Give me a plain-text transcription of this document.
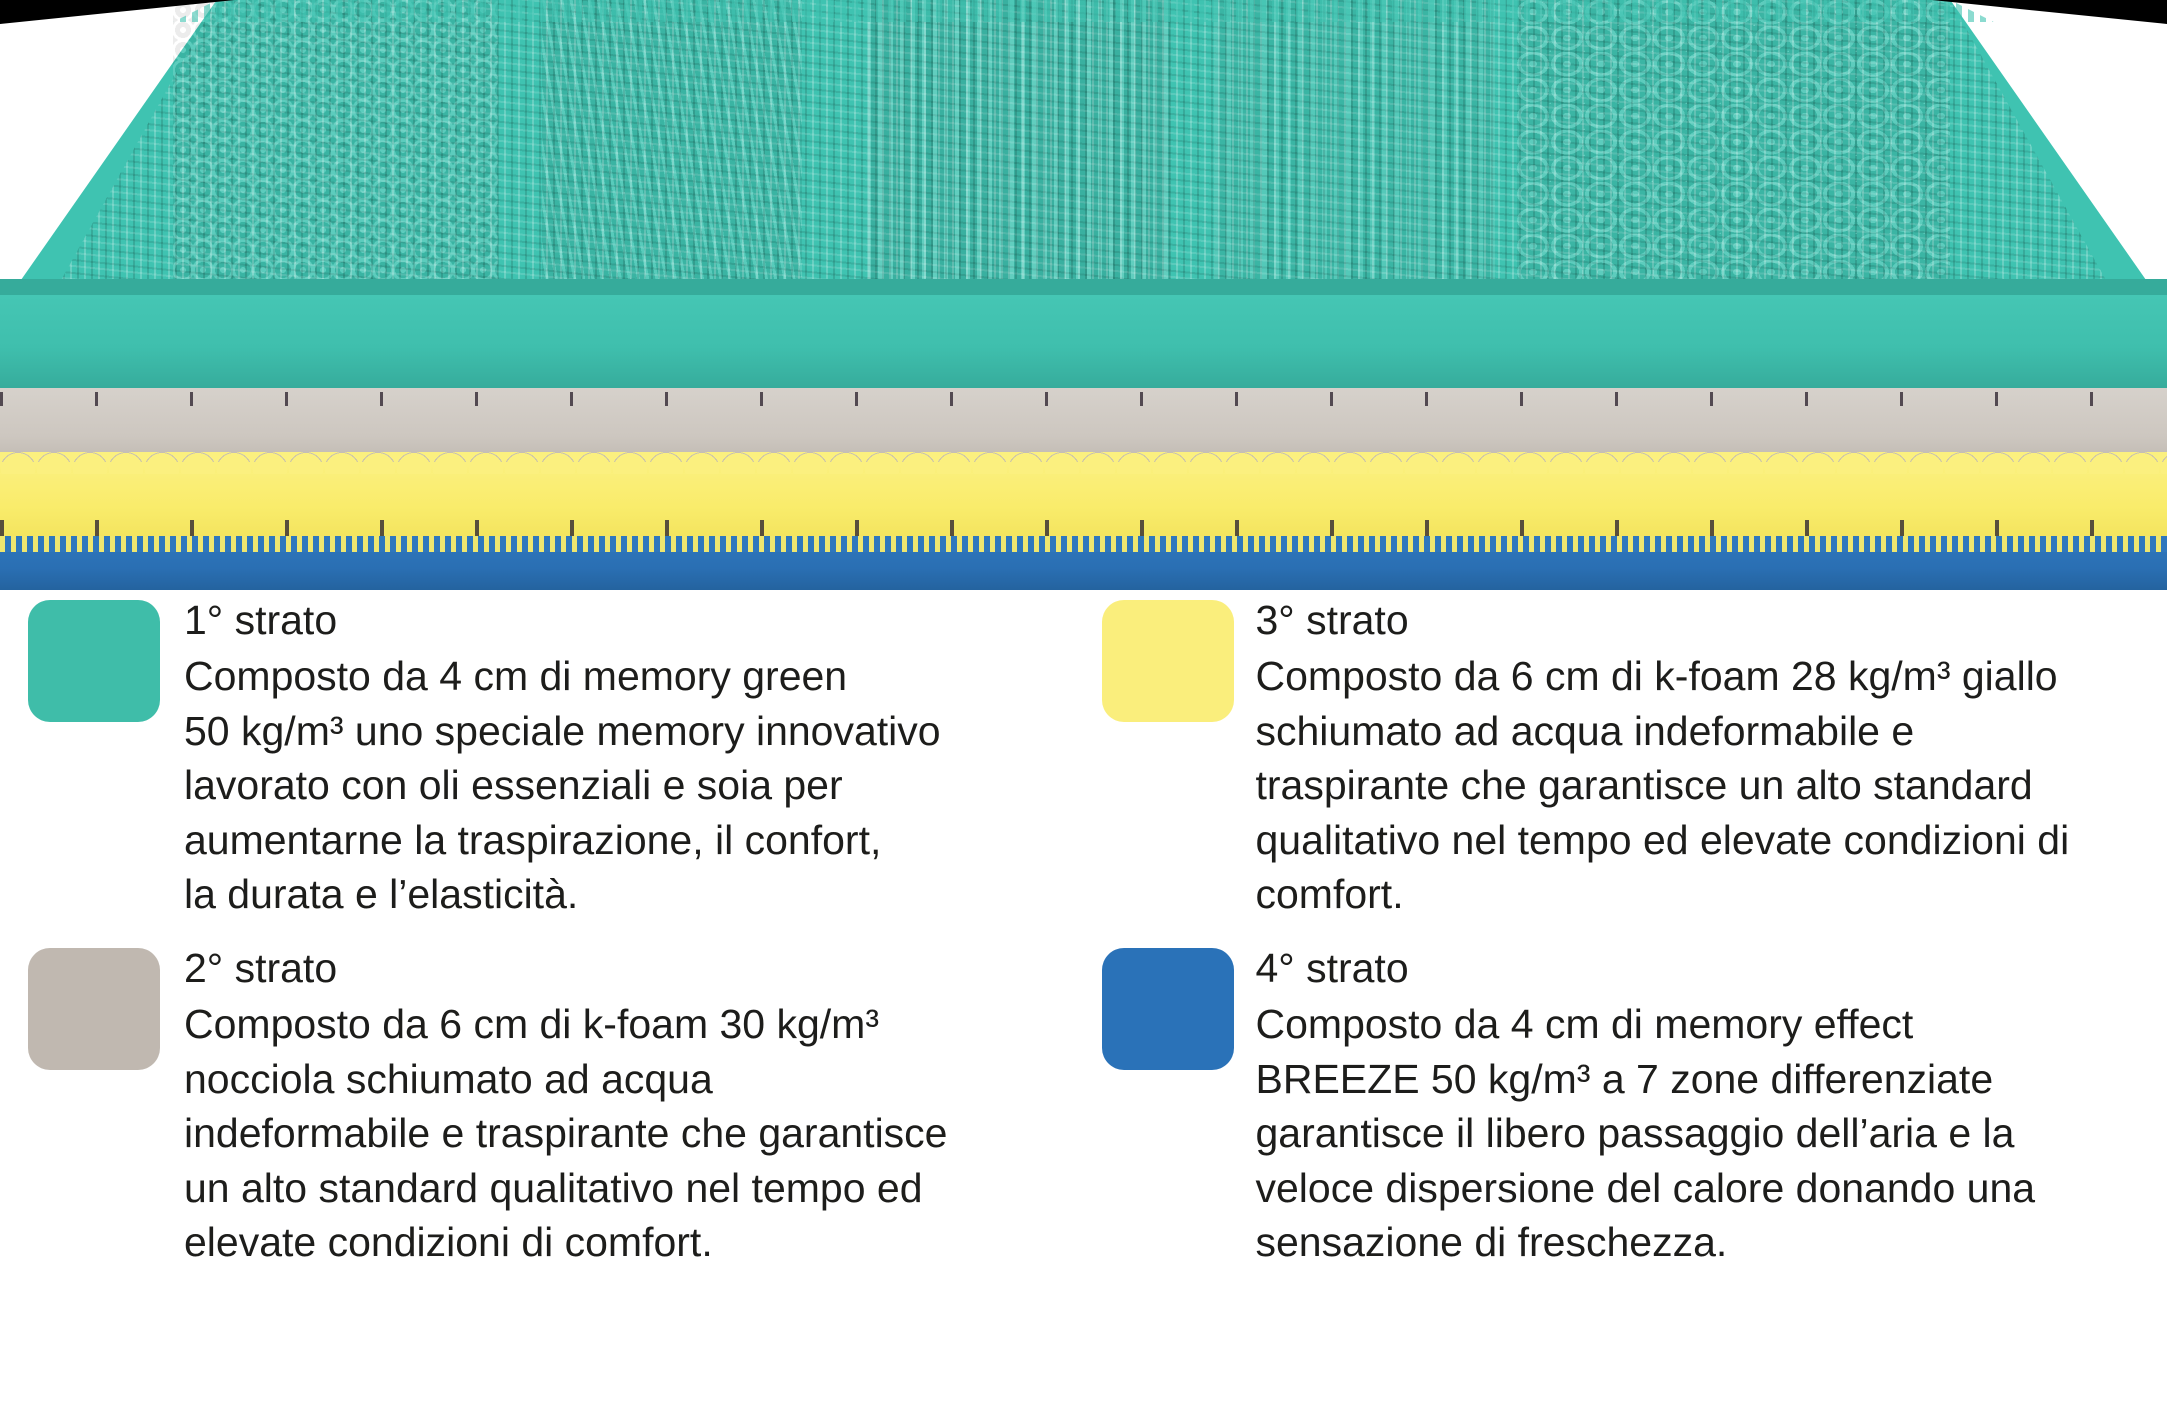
1° strato

Composto da 4 cm di memory green

50 kg/m³ uno speciale memory innovativo

lavorato con oli essenziali e soia per

aumentarne la traspirazione, il confort,

la durata e l’elasticità.

3° strato

Composto da 6 cm di k-foam 28 kg/m³ giallo

schiumato ad acqua indeformabile e

traspirante che garantisce un alto standard

qualitativo nel tempo ed elevate condizioni di

comfort.

2° strato

Composto da 6 cm di k-foam 30 kg/m³

nocciola schiumato ad acqua

indeformabile e traspirante che garantisce

un alto standard qualitativo nel tempo ed

elevate condizioni di comfort.

4° strato

Composto da 4 cm di memory effect

BREEZE 50 kg/m³ a 7 zone differenziate

garantisce il libero passaggio dell’aria e la

veloce dispersione del calore donando una

sensazione di freschezza.
